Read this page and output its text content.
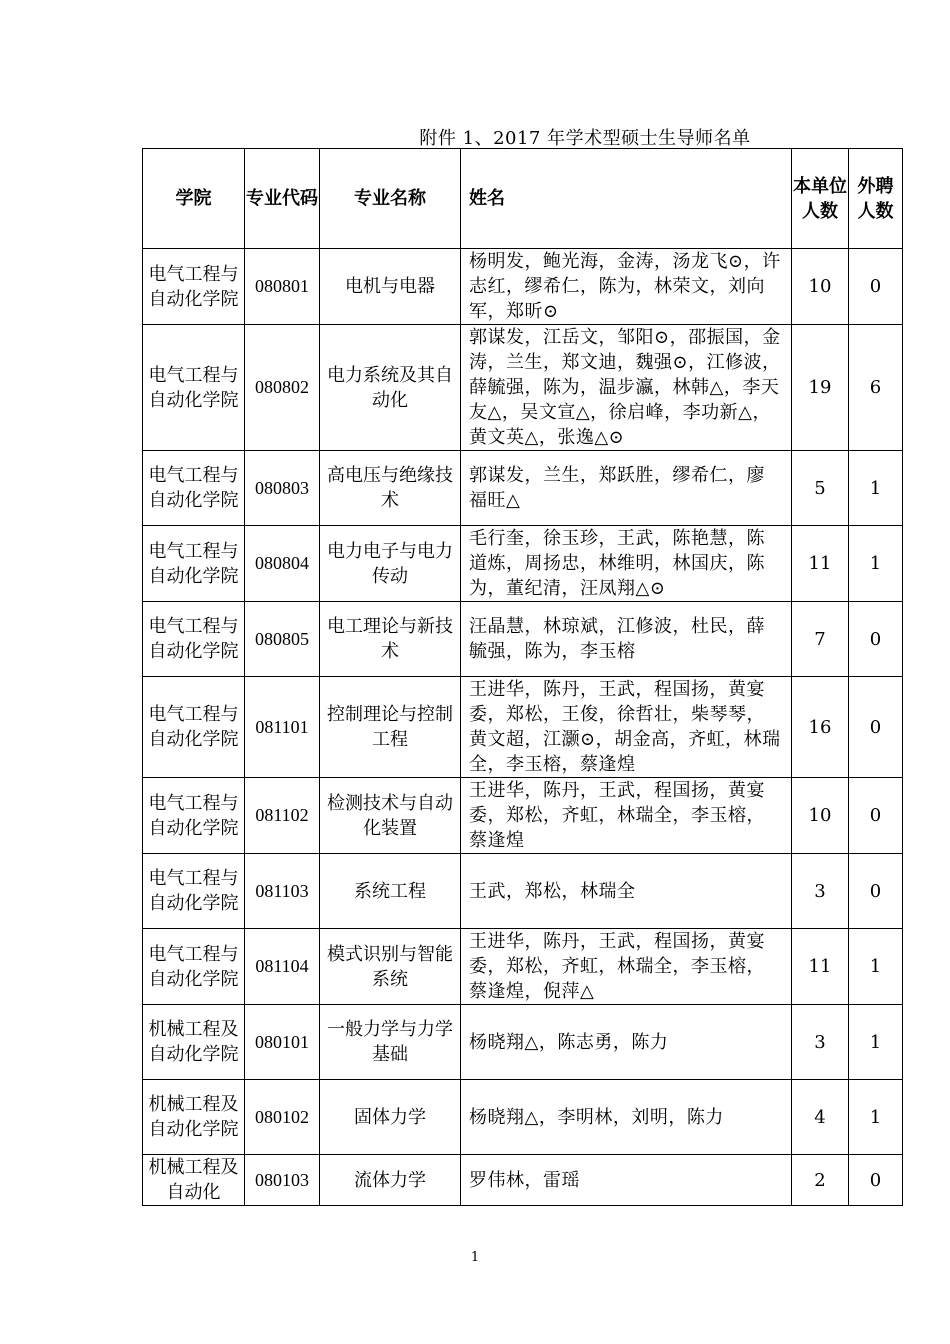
附件 1、2017 年学术型硕士生导师名单
学院	专业代码	专业名称	姓名	本单位人数	外聘人数
电气工程与自动化学院	080801	电机与电器	杨明发，鲍光海，金涛，汤龙飞⊙，许志红，缪希仁，陈为，林荣文，刘向军，郑昕⊙	10	0
电气工程与自动化学院	080802	电力系统及其自动化	郭谋发，江岳文，邹阳⊙，邵振国，金涛，兰生，郑文迪，魏强⊙，江修波，薛毓强，陈为，温步瀛，林韩△，李天友△，吴文宣△，徐启峰，李功新△，黄文英△，张逸△⊙	19	6
电气工程与自动化学院	080803	高电压与绝缘技术	郭谋发，兰生，郑跃胜，缪希仁，廖福旺△	5	1
电气工程与自动化学院	080804	电力电子与电力传动	毛行奎，徐玉珍，王武，陈艳慧，陈道炼，周扬忠，林维明，林国庆，陈为，董纪清，汪凤翔△⊙	11	1
电气工程与自动化学院	080805	电工理论与新技术	汪晶慧，林琼斌，江修波，杜民，薛毓强，陈为，李玉榕	7	0
电气工程与自动化学院	081101	控制理论与控制工程	王进华，陈丹，王武，程国扬，黄宴委，郑松，王俊，徐哲壮，柴琴琴，黄文超，江灏⊙，胡金高，齐虹，林瑞全，李玉榕，蔡逢煌	16	0
电气工程与自动化学院	081102	检测技术与自动化装置	王进华，陈丹，王武，程国扬，黄宴委，郑松，齐虹，林瑞全，李玉榕，蔡逢煌	10	0
电气工程与自动化学院	081103	系统工程	王武，郑松，林瑞全	3	0
电气工程与自动化学院	081104	模式识别与智能系统	王进华，陈丹，王武，程国扬，黄宴委，郑松，齐虹，林瑞全，李玉榕，蔡逢煌，倪萍△	11	1
机械工程及自动化学院	080101	一般力学与力学基础	杨晓翔△，陈志勇，陈力	3	1
机械工程及自动化学院	080102	固体力学	杨晓翔△，李明林，刘明，陈力	4	1
机械工程及自动化	080103	流体力学	罗伟林，雷瑶	2	0
1
